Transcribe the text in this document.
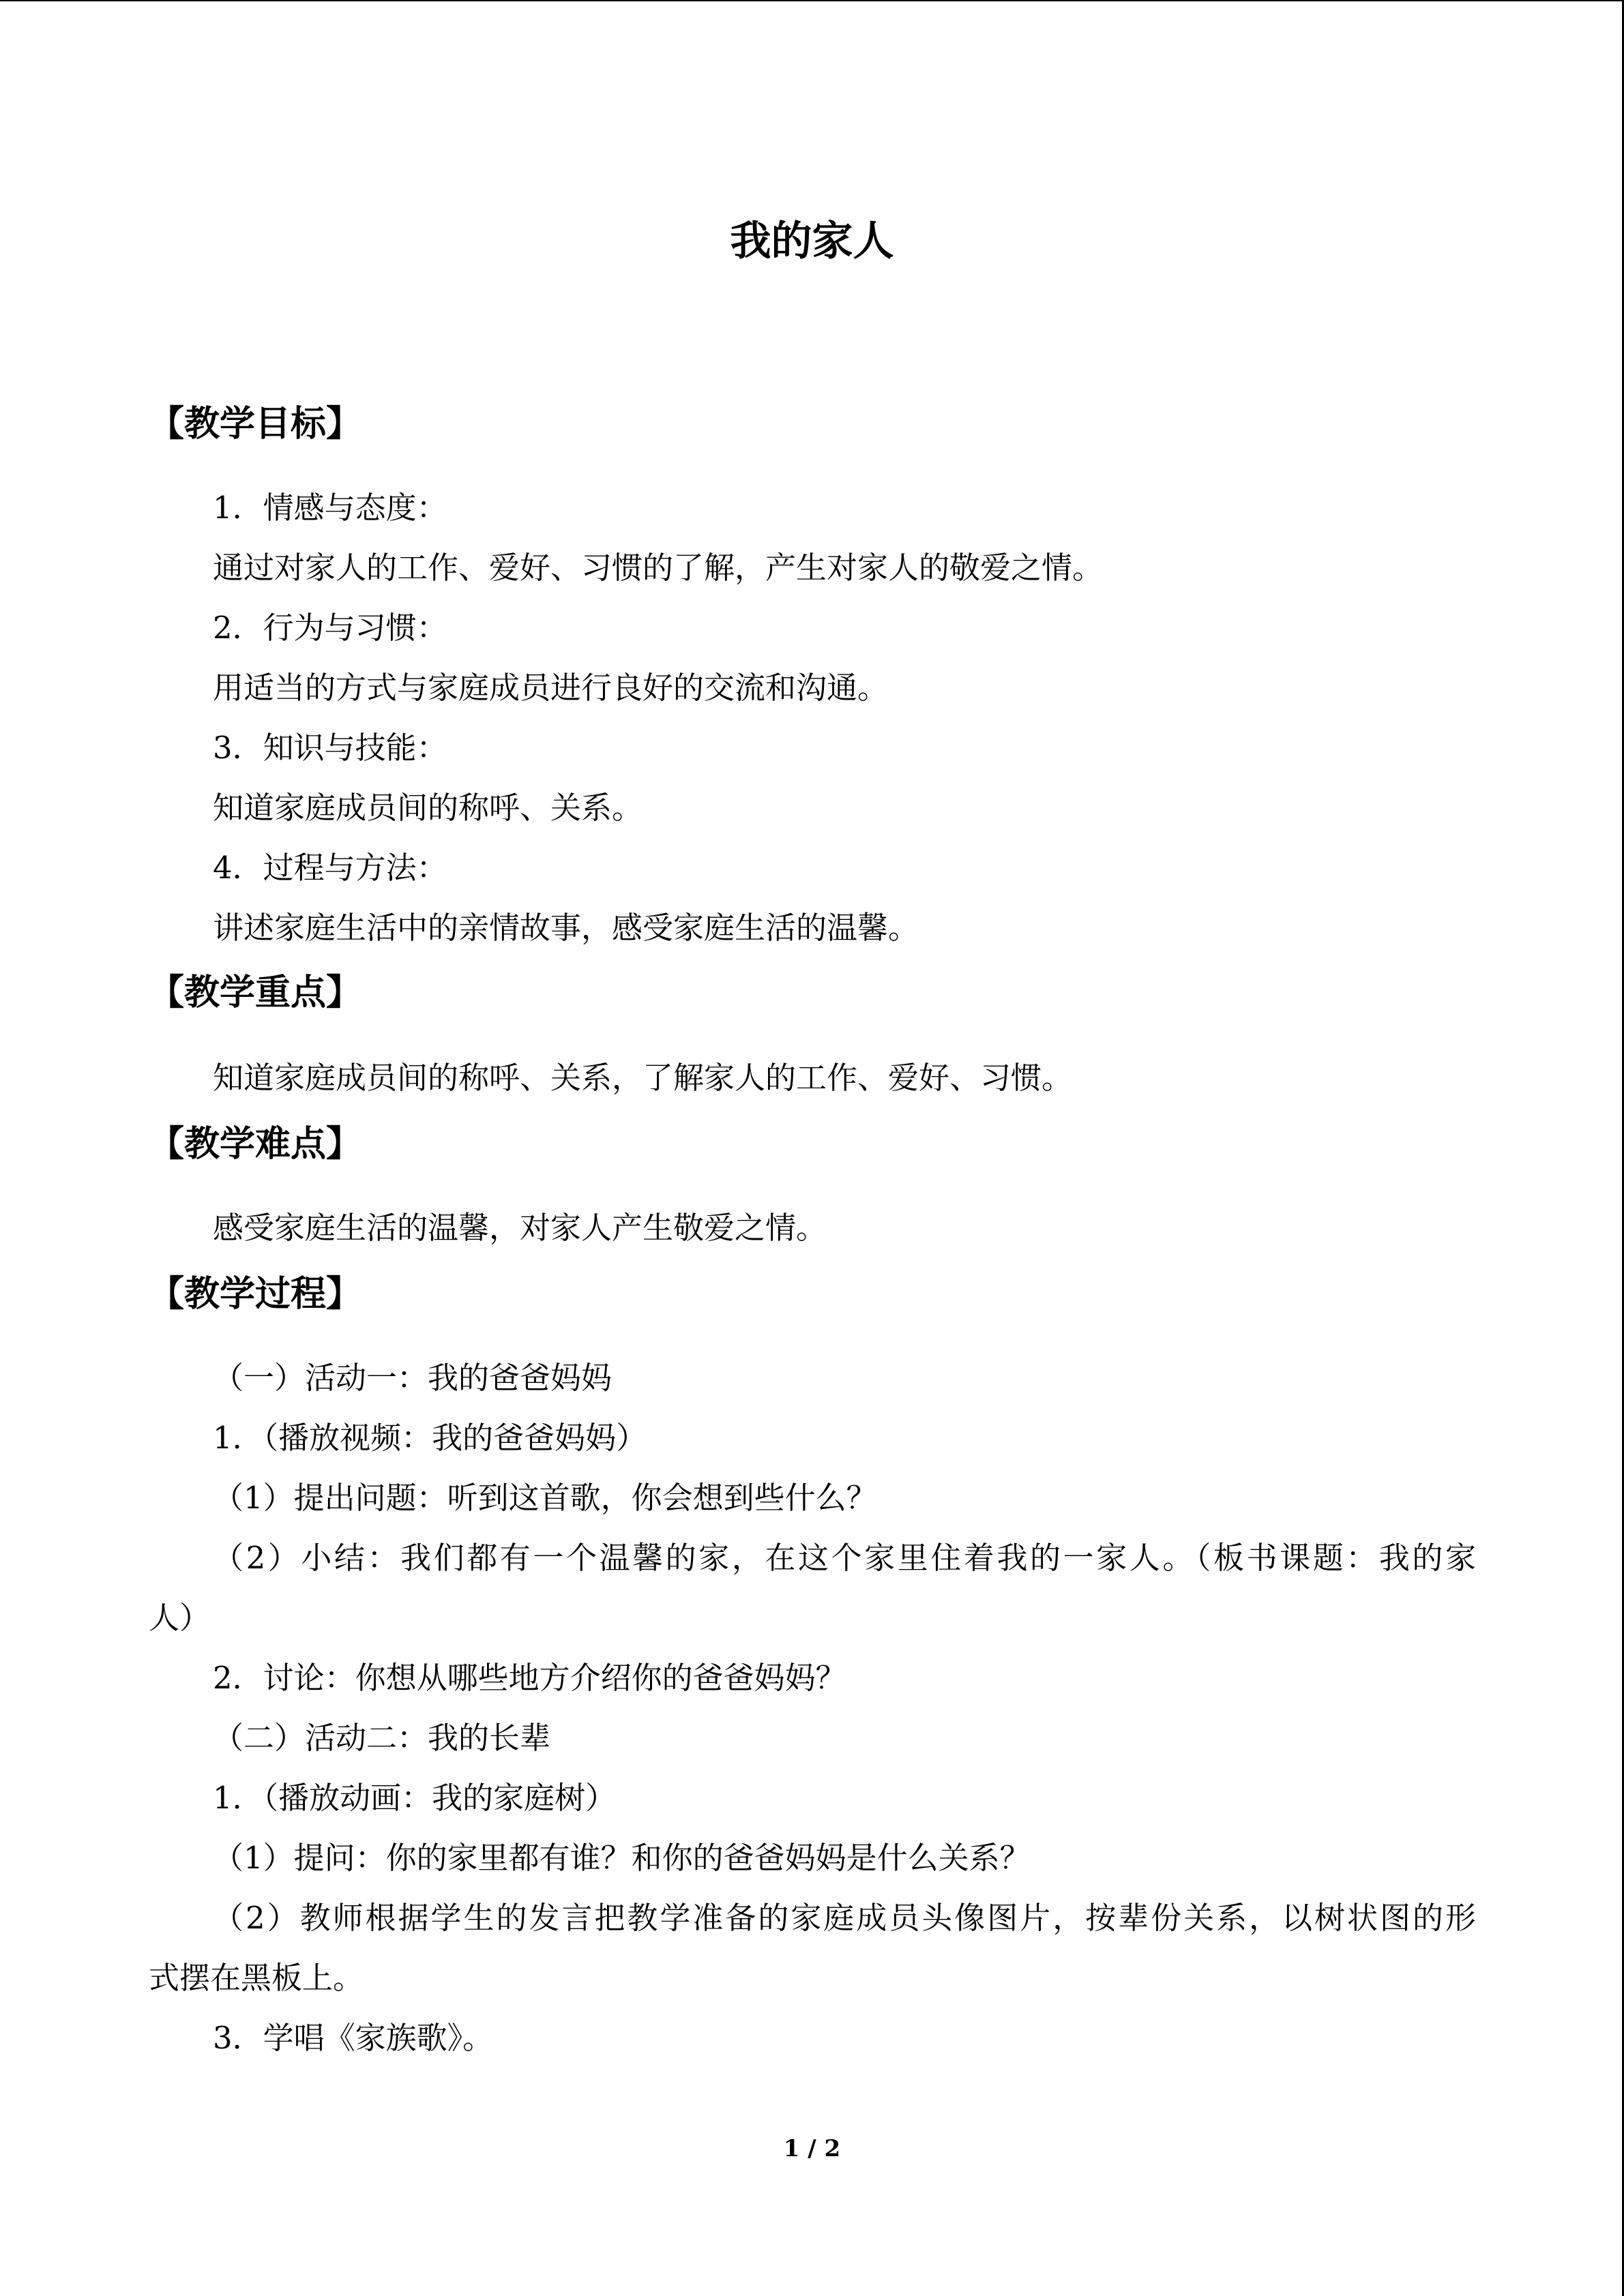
我的家人
【教学目标】
1．情感与态度：
通过对家人的工作、爱好、习惯的了解，产生对家人的敬爱之情。
2．行为与习惯：
用适当的方式与家庭成员进行良好的交流和沟通。
3．知识与技能：
知道家庭成员间的称呼、关系。
4．过程与方法：
讲述家庭生活中的亲情故事，感受家庭生活的温馨。
【教学重点】
知道家庭成员间的称呼、关系，了解家人的工作、爱好、习惯。
【教学难点】
感受家庭生活的温馨，对家人产生敬爱之情。
【教学过程】
（一）活动一：我的爸爸妈妈
1．（播放视频：我的爸爸妈妈）
（1）提出问题：听到这首歌，你会想到些什么？
（2）小结：我们都有一个温馨的家，在这个家里住着我的一家人。（板书课题：我的家
人）
2．讨论：你想从哪些地方介绍你的爸爸妈妈？
（二）活动二：我的长辈
1．（播放动画：我的家庭树）
（1）提问：你的家里都有谁？和你的爸爸妈妈是什么关系？
（2）教师根据学生的发言把教学准备的家庭成员头像图片，按辈份关系，以树状图的形
式摆在黑板上。
3．学唱《家族歌》。
1 / 2
